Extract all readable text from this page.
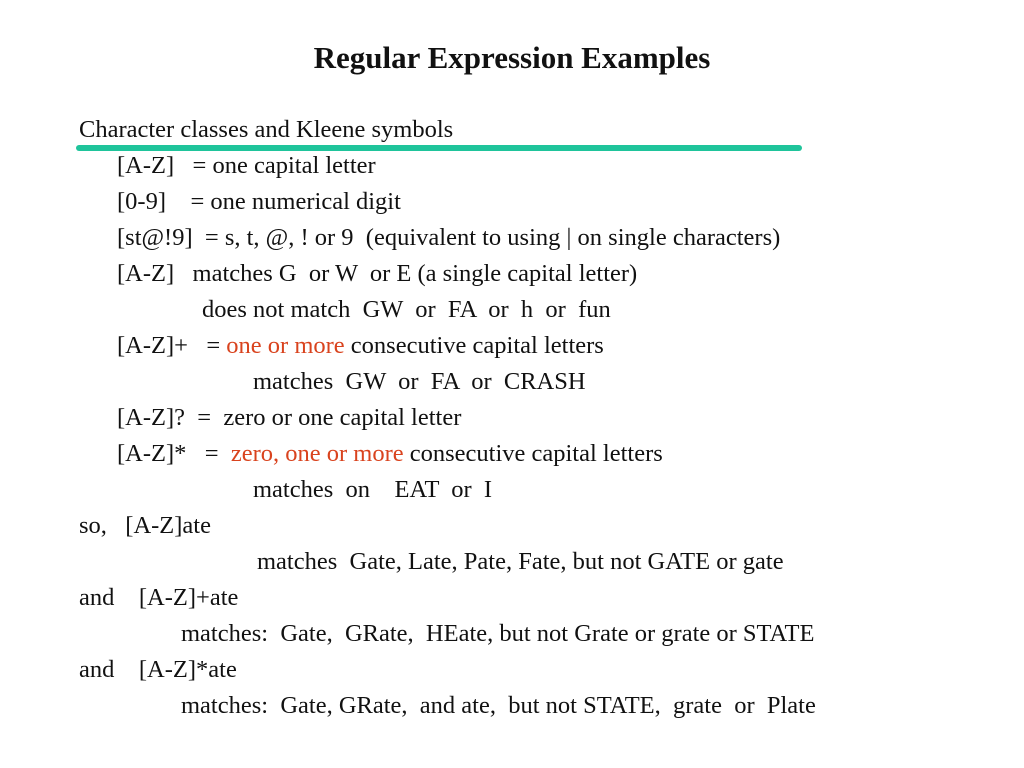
Regular Expression Examples
Character classes and Kleene symbols
[A-Z]   = one capital letter
[0-9]    = one numerical digit
[st@!9]  = s, t, @, ! or 9  (equivalent to using | on single characters)
[A-Z]   matches G  or W  or E (a single capital letter)
does not match  GW  or  FA  or  h  or  fun
[A-Z]+   = one or more consecutive capital letters
matches  GW  or  FA  or  CRASH
[A-Z]?  =  zero or one capital letter
[A-Z]*   =  zero, one or more consecutive capital letters
matches  on    EAT  or  I
so,   [A-Z]ate
matches  Gate, Late, Pate, Fate, but not GATE or gate
and    [A-Z]+ate
matches:  Gate,  GRate,  HEate, but not Grate or grate or STATE
and    [A-Z]*ate
matches:  Gate, GRate,  and ate,  but not STATE,  grate  or  Plate
